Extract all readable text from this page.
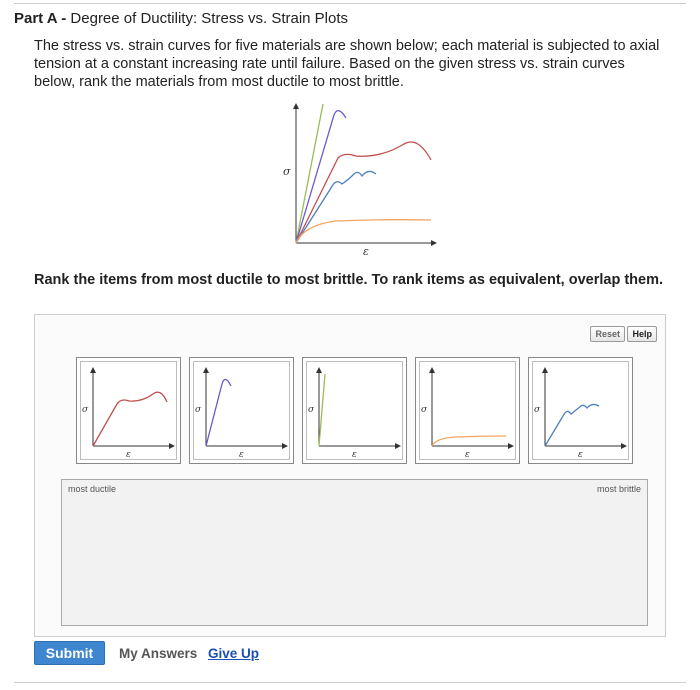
Part A - Degree of Ductility: Stress vs. Strain Plots
The stress vs. strain curves for five materials are shown below; each material is subjected to axial tension at a constant increasing rate until failure. Based on the given stress vs. strain curves below, rank the materials from most ductile to most brittle.
σ
ε
Rank the items from most ductile to most brittle. To rank items as equivalent, overlap them.
Reset	Help
σ
ε
σ
ε
σ
ε
σ
ε
σ
ε
most ductile	most brittle
Submit	My Answers Give Up
